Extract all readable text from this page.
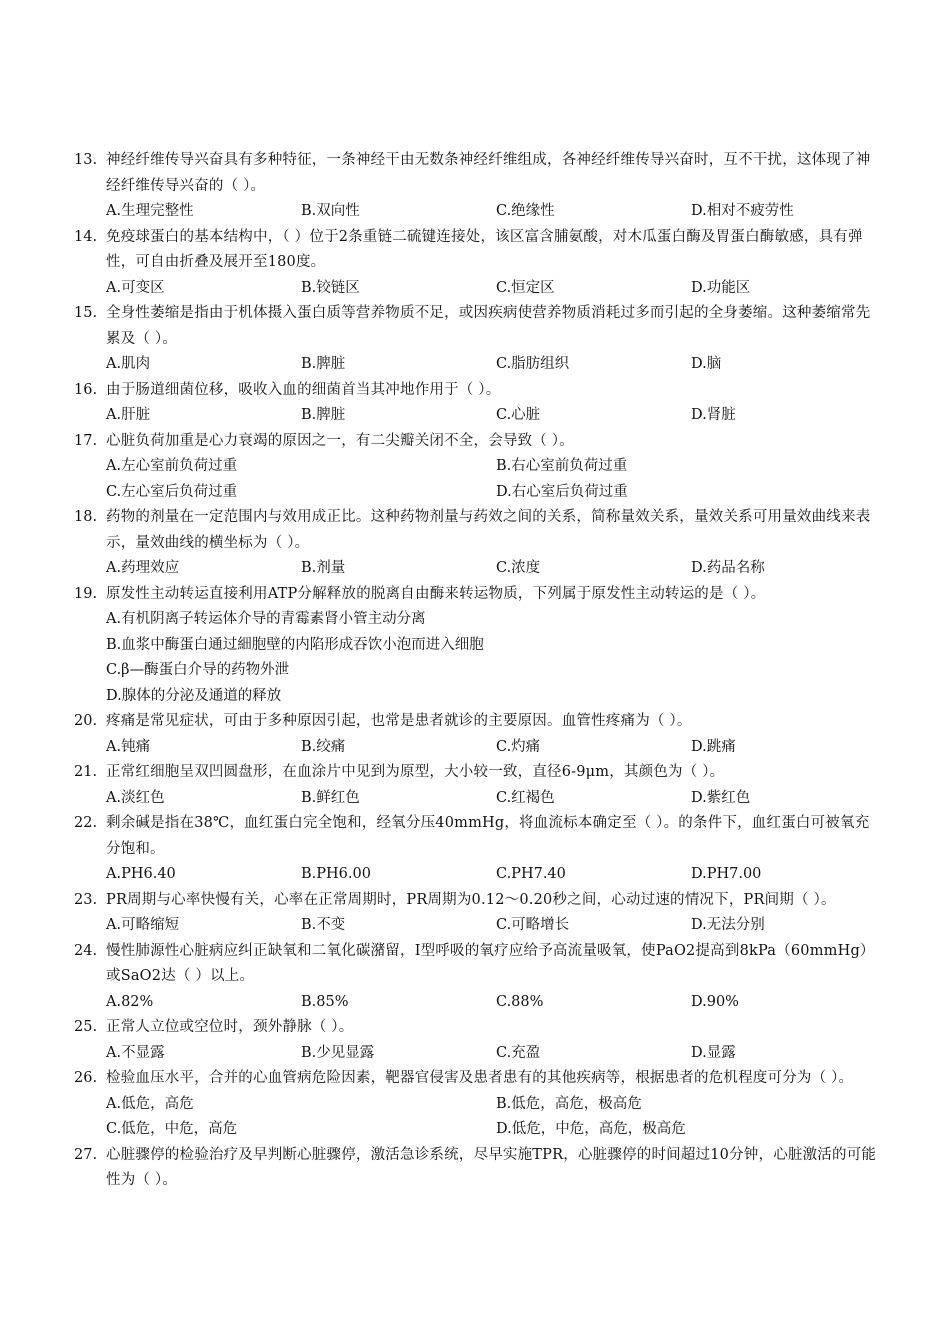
13. 神经纤维传导兴奋具有多种特征，一条神经干由无数条神经纤维组成，各神经纤维传导兴奋时，互不干扰，这体现了神经纤维传导兴奋的（ ）。
A.生理完整性	B.双向性	C.绝缘性	D.相对不疲劳性
14. 免疫球蛋白的基本结构中，（ ）位于2条重链二硫键连接处，该区富含脯氨酸，对木瓜蛋白酶及胃蛋白酶敏感，具有弹性，可自由折叠及展开至180度。
A.可变区	B.铰链区	C.恒定区	D.功能区
15. 全身性萎缩是指由于机体摄入蛋白质等营养物质不足，或因疾病使营养物质消耗过多而引起的全身萎缩。这种萎缩常先累及（ ）。
A.肌肉	B.脾脏	C.脂肪组织	D.脑
16. 由于肠道细菌位移，吸收入血的细菌首当其冲地作用于（ ）。
A.肝脏	B.脾脏	C.心脏	D.肾脏
17. 心脏负荷加重是心力衰竭的原因之一，有二尖瓣关闭不全，会导致（ ）。
A.左心室前负荷过重	B.右心室前负荷过重
C.左心室后负荷过重	D.右心室后负荷过重
18. 药物的剂量在一定范围内与效用成正比。这种药物剂量与药效之间的关系，简称量效关系，量效关系可用量效曲线来表示，量效曲线的横坐标为（ ）。
A.药理效应	B.剂量	C.浓度	D.药品名称
19. 原发性主动转运直接利用ATP分解释放的脱离自由酶来转运物质，下列属于原发性主动转运的是（ ）。
A.有机阴离子转运体介导的青霉素肾小管主动分离
B.血浆中酶蛋白通过細胞壁的内陷形成吞饮小泡而进入细胞
C.β—酶蛋白介导的药物外泄
D.腺体的分泌及通道的释放
20. 疼痛是常见症状，可由于多种原因引起，也常是患者就诊的主要原因。血管性疼痛为（ ）。
A.钝痛	B.绞痛	C.灼痛	D.跳痛
21. 正常红细胞呈双凹圆盘形，在血涂片中见到为原型，大小较一致，直径6-9μm，其颜色为（ ）。
A.淡红色	B.鲜红色	C.红褐色	D.紫红色
22. 剩余碱是指在38℃，血红蛋白完全饱和，经氧分压40mmHg，将血流标本确定至（ ）。的条件下，血红蛋白可被氧充分饱和。
A.PH6.40	B.PH6.00	C.PH7.40	D.PH7.00
23. PR周期与心率快慢有关，心率在正常周期时，PR周期为0.12～0.20秒之间，心动过速的情况下，PR间期（ ）。
A.可略缩短	B.不变	C.可略增长	D.无法分别
24. 慢性肺源性心脏病应纠正缺氧和二氧化碳潴留，Ⅰ型呼吸的氧疗应给予高流量吸氧，使PaO2提高到8kPa（60mmHg）或SaO2达（ ）以上。
A.82%	B.85%	C.88%	D.90%
25. 正常人立位或空位时，颈外静脉（ ）。
A.不显露	B.少见显露	C.充盈	D.显露
26. 检验血压水平，合并的心血管病危险因素，靶器官侵害及患者患有的其他疾病等，根据患者的危机程度可分为（ ）。
A.低危，高危	B.低危，高危，极高危
C.低危，中危，高危	D.低危，中危，高危，极高危
27. 心脏骤停的检验治疗及早判断心脏骤停，激活急诊系统，尽早实施TPR，心脏骤停的时间超过10分钟，心脏激活的可能性为（ ）。
